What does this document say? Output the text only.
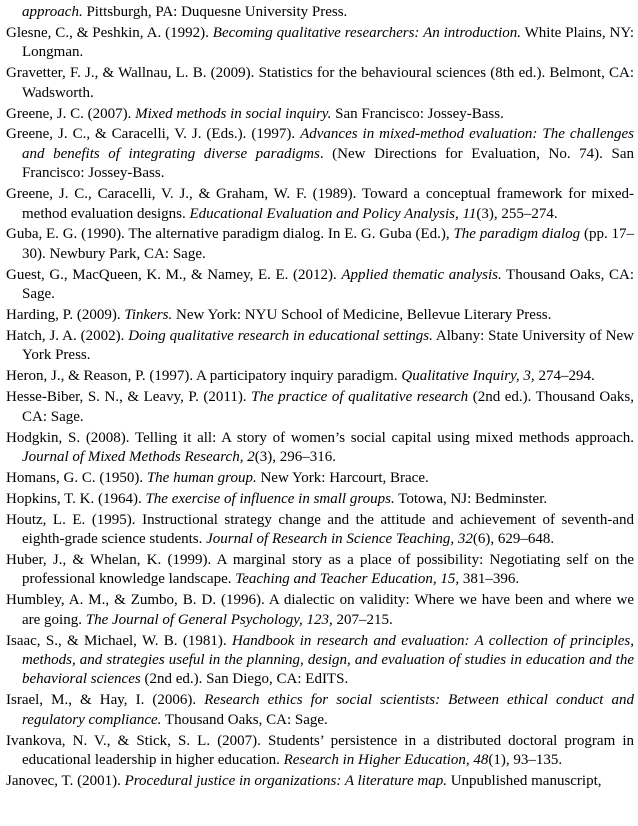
approach. Pittsburgh, PA: Duquesne University Press.

Glesne, C., & Peshkin, A. (1992). Becoming qualitative researchers: An introduction. White Plains, NY: Longman.

Gravetter, F. J., & Wallnau, L. B. (2009). Statistics for the behavioural sciences (8th ed.). Belmont, CA: Wadsworth.

Greene, J. C. (2007). Mixed methods in social inquiry. San Francisco: Jossey-Bass.

Greene, J. C., & Caracelli, V. J. (Eds.). (1997). Advances in mixed-method evaluation: The challenges and benefits of integrating diverse paradigms. (New Directions for Evaluation, No. 74). San Francisco: Jossey-Bass.

Greene, J. C., Caracelli, V. J., & Graham, W. F. (1989). Toward a conceptual framework for mixed-method evaluation designs. Educational Evaluation and Policy Analysis, 11(3), 255–274.

Guba, E. G. (1990). The alternative paradigm dialog. In E. G. Guba (Ed.), The paradigm dialog (pp. 17–30). Newbury Park, CA: Sage.

Guest, G., MacQueen, K. M., & Namey, E. E. (2012). Applied thematic analysis. Thousand Oaks, CA: Sage.

Harding, P. (2009). Tinkers. New York: NYU School of Medicine, Bellevue Literary Press.

Hatch, J. A. (2002). Doing qualitative research in educational settings. Albany: State University of New York Press.

Heron, J., & Reason, P. (1997). A participatory inquiry paradigm. Qualitative Inquiry, 3, 274–294.

Hesse-Biber, S. N., & Leavy, P. (2011). The practice of qualitative research (2nd ed.). Thousand Oaks, CA: Sage.

Hodgkin, S. (2008). Telling it all: A story of women’s social capital using mixed methods approach. Journal of Mixed Methods Research, 2(3), 296–316.

Homans, G. C. (1950). The human group. New York: Harcourt, Brace.

Hopkins, T. K. (1964). The exercise of influence in small groups. Totowa, NJ: Bedminster.

Houtz, L. E. (1995). Instructional strategy change and the attitude and achievement of seventh-and eighth-grade science students. Journal of Research in Science Teaching, 32(6), 629–648.

Huber, J., & Whelan, K. (1999). A marginal story as a place of possibility: Negotiating self on the professional knowledge landscape. Teaching and Teacher Education, 15, 381–396.

Humbley, A. M., & Zumbo, B. D. (1996). A dialectic on validity: Where we have been and where we are going. The Journal of General Psychology, 123, 207–215.

Isaac, S., & Michael, W. B. (1981). Handbook in research and evaluation: A collection of principles, methods, and strategies useful in the planning, design, and evaluation of studies in education and the behavioral sciences (2nd ed.). San Diego, CA: EdITS.

Israel, M., & Hay, I. (2006). Research ethics for social scientists: Between ethical conduct and regulatory compliance. Thousand Oaks, CA: Sage.

Ivankova, N. V., & Stick, S. L. (2007). Students’ persistence in a distributed doctoral program in educational leadership in higher education. Research in Higher Education, 48(1), 93–135.

Janovec, T. (2001). Procedural justice in organizations: A literature map. Unpublished manuscript,
